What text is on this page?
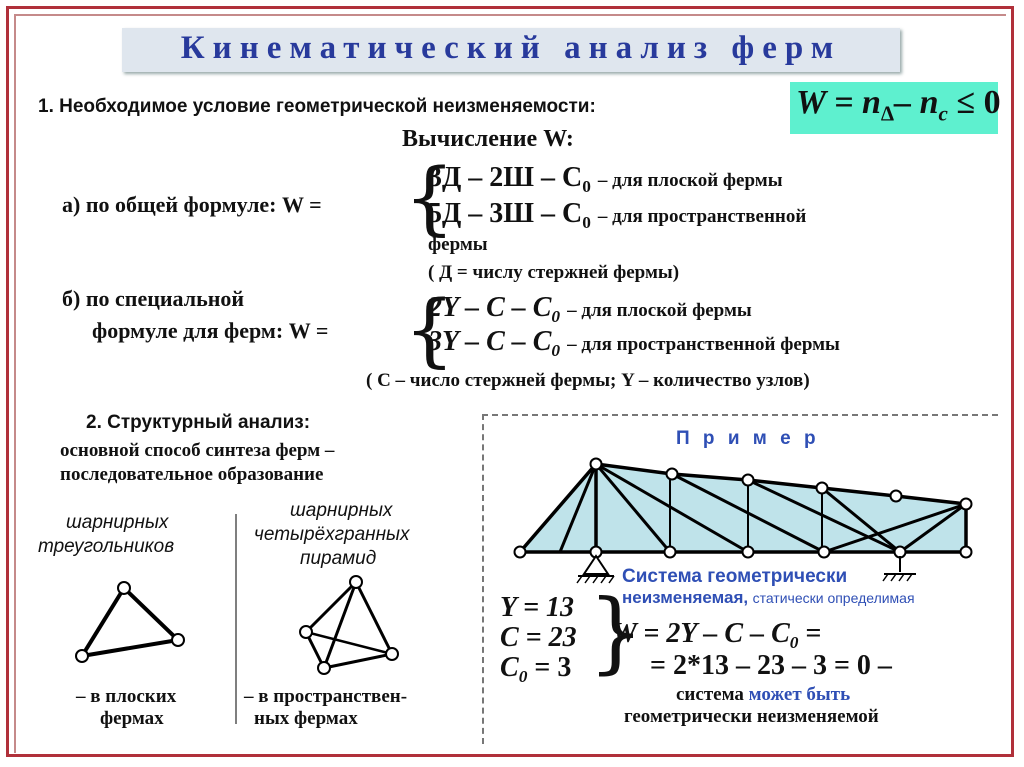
Кинематический анализ ферм
1. Необходимое условие геометрической неизменяемости:	$W = n_\Delta-$ $n_c \le 0$
Вычисление W:
а) по общей формуле: W = {
$3Д - 2Ш - C_0$ – для плоской фермы
$5Д - 3Ш - C_0$ – для пространственной
фермы
( Д = числу стержней фермы)
б) по специальной
формуле для ферм: W = {
2Y – C – $C_0$ – для плоской фермы
3Y – C – $C_0$ – для пространственной фермы
( C – число стержней фермы; Y – количество узлов)
2. Структурный анализ:
основной способ синтеза ферм –
последовательное образование
шарнирных
треугольников
шарнирных
четырёхгранных
пирамид
– в плоских
фермах
– в пространствен-
ных фермах
П р и м е р
Система геометрически
неизменяемая, статически определимая
Y = 13
C = 23
$C_0 = 3$ {
$W = 2Y - C - C_0$ =
= 2*13 – 23 – 3 = 0 –
система может быть
геометрически неизменяемой
